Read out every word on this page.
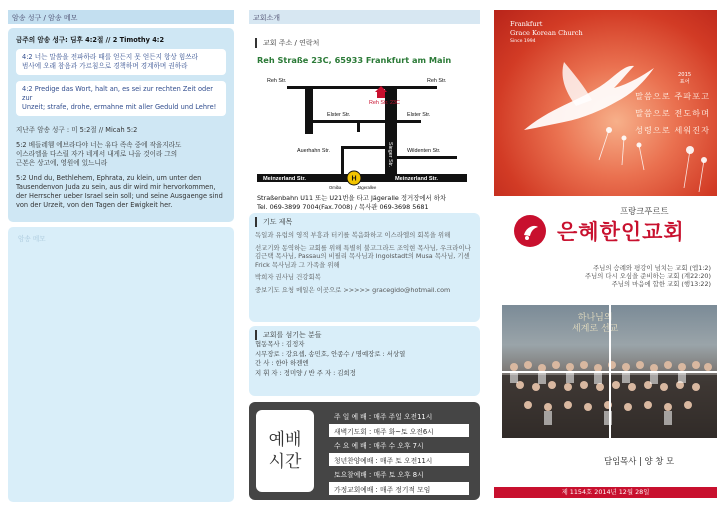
암송 성구 / 암송 메모
금주의 암송 성구: 딤후 4:2절 // 2 Timothy 4:2
4:2 너는 말씀을 전파하라 때를 얻든지 못 얻든지 항상 힘쓰라
범사에 오래 참음과 가르침으로 경책하며 경계하며 권하라
4:2 Predige das Wort, halt an, es sei zur rechten Zeit oder zur
Unzeit; strafe, drohe, ermahne mit aller Geduld und Lehre!
지난주 암송 성구 : 미 5:2절 // Micah 5:2
5:2 베들레헴 에브라다야 너는 유다 족속 중에 작을지라도
이스라엘을 다스릴 자가 네게서 내게로 나올 것이라 그의
근본은 상고에, 영원에 있느니라
5:2 Und du, Bethlehem, Ephrata, zu klein, um unter den
Tausendenvon Juda zu sein, aus dir wird mir hervorkommen,
der Herrscher ueber Israel sein soll; und seine Ausgaenge sind
von der Urzeit, von den Tagen der Ewigkeit her.
암송 메모
교회소개
교회 주소 / 연락처
Reh Straße 23C, 65933 Frankfurt am Main
H
Reh Str.
Reh Str. 23C
Reh Str.
Elster Str.	Elster Str.
Auerhahn Str.	Wildenten Str.
Sieger Str.
Meinzerland Str.	Meinzerland Str.
Omiba	Jägerallee
Straßenbahn U11 또는 U21번을 타고 Jägeralle 정거장에서 하차
Tel. 069-3899 7004(Fax.7008) / 목사관 069-3698 5681
기도 제목
독일과 유럽의 영적 부흥과 터키를 복음화하고 이스라엘의 회복을 위해
선교기와 동역하는 교회를 위해 특별히 불고그라드 조익현 목사님, 우크라이나 김근택 목사님, Passau의 비필리 목사님과 Ingolstadt의 Musa 목사님, 기센 Frick 목사님과 그 가족을 위해
박희자 권사님 건강회복
중보기도 요청 메일은 이곳으로 >>>>> gracegido@hotmail.com
교회를 섬기는 분들
협동목사 : 김정자
시무장로 : 강요셉, 송민호, 안종수 / 명예장로 : 서상열
간 사 : 한아 하젠엔
지 휘 자 : 정미양 / 반 주 자 : 김희정
예배
시간
주 일 예 배 : 매주 주일 오전11시
새벽기도회 : 매주 화~토 오전6시
수 요 예 배 : 매주 수 오후 7시
청년찬양예배 : 매주 토 오전11시
토요찰예배 : 매주 토 오후 8시
가정교회예배 : 매주 정기적 모임
Frankfurt
Grace Korean Church
Since 1994
2015
표어
말씀으로 주파포고
말씀으로 전도하며
성령으로 세워진자
프랑크푸르트
은혜한인교회
주님의 승례와 평강이 넘치는 교회 (엡1:2)
주님의 다시 오심을 준비하는 교회 (계22:20)
주님의 마음에 합한 교회 (행13:22)
하나님의
세계로 선교
담임목사 | 양 창 모
제 1154호 2014년 12월 28일
